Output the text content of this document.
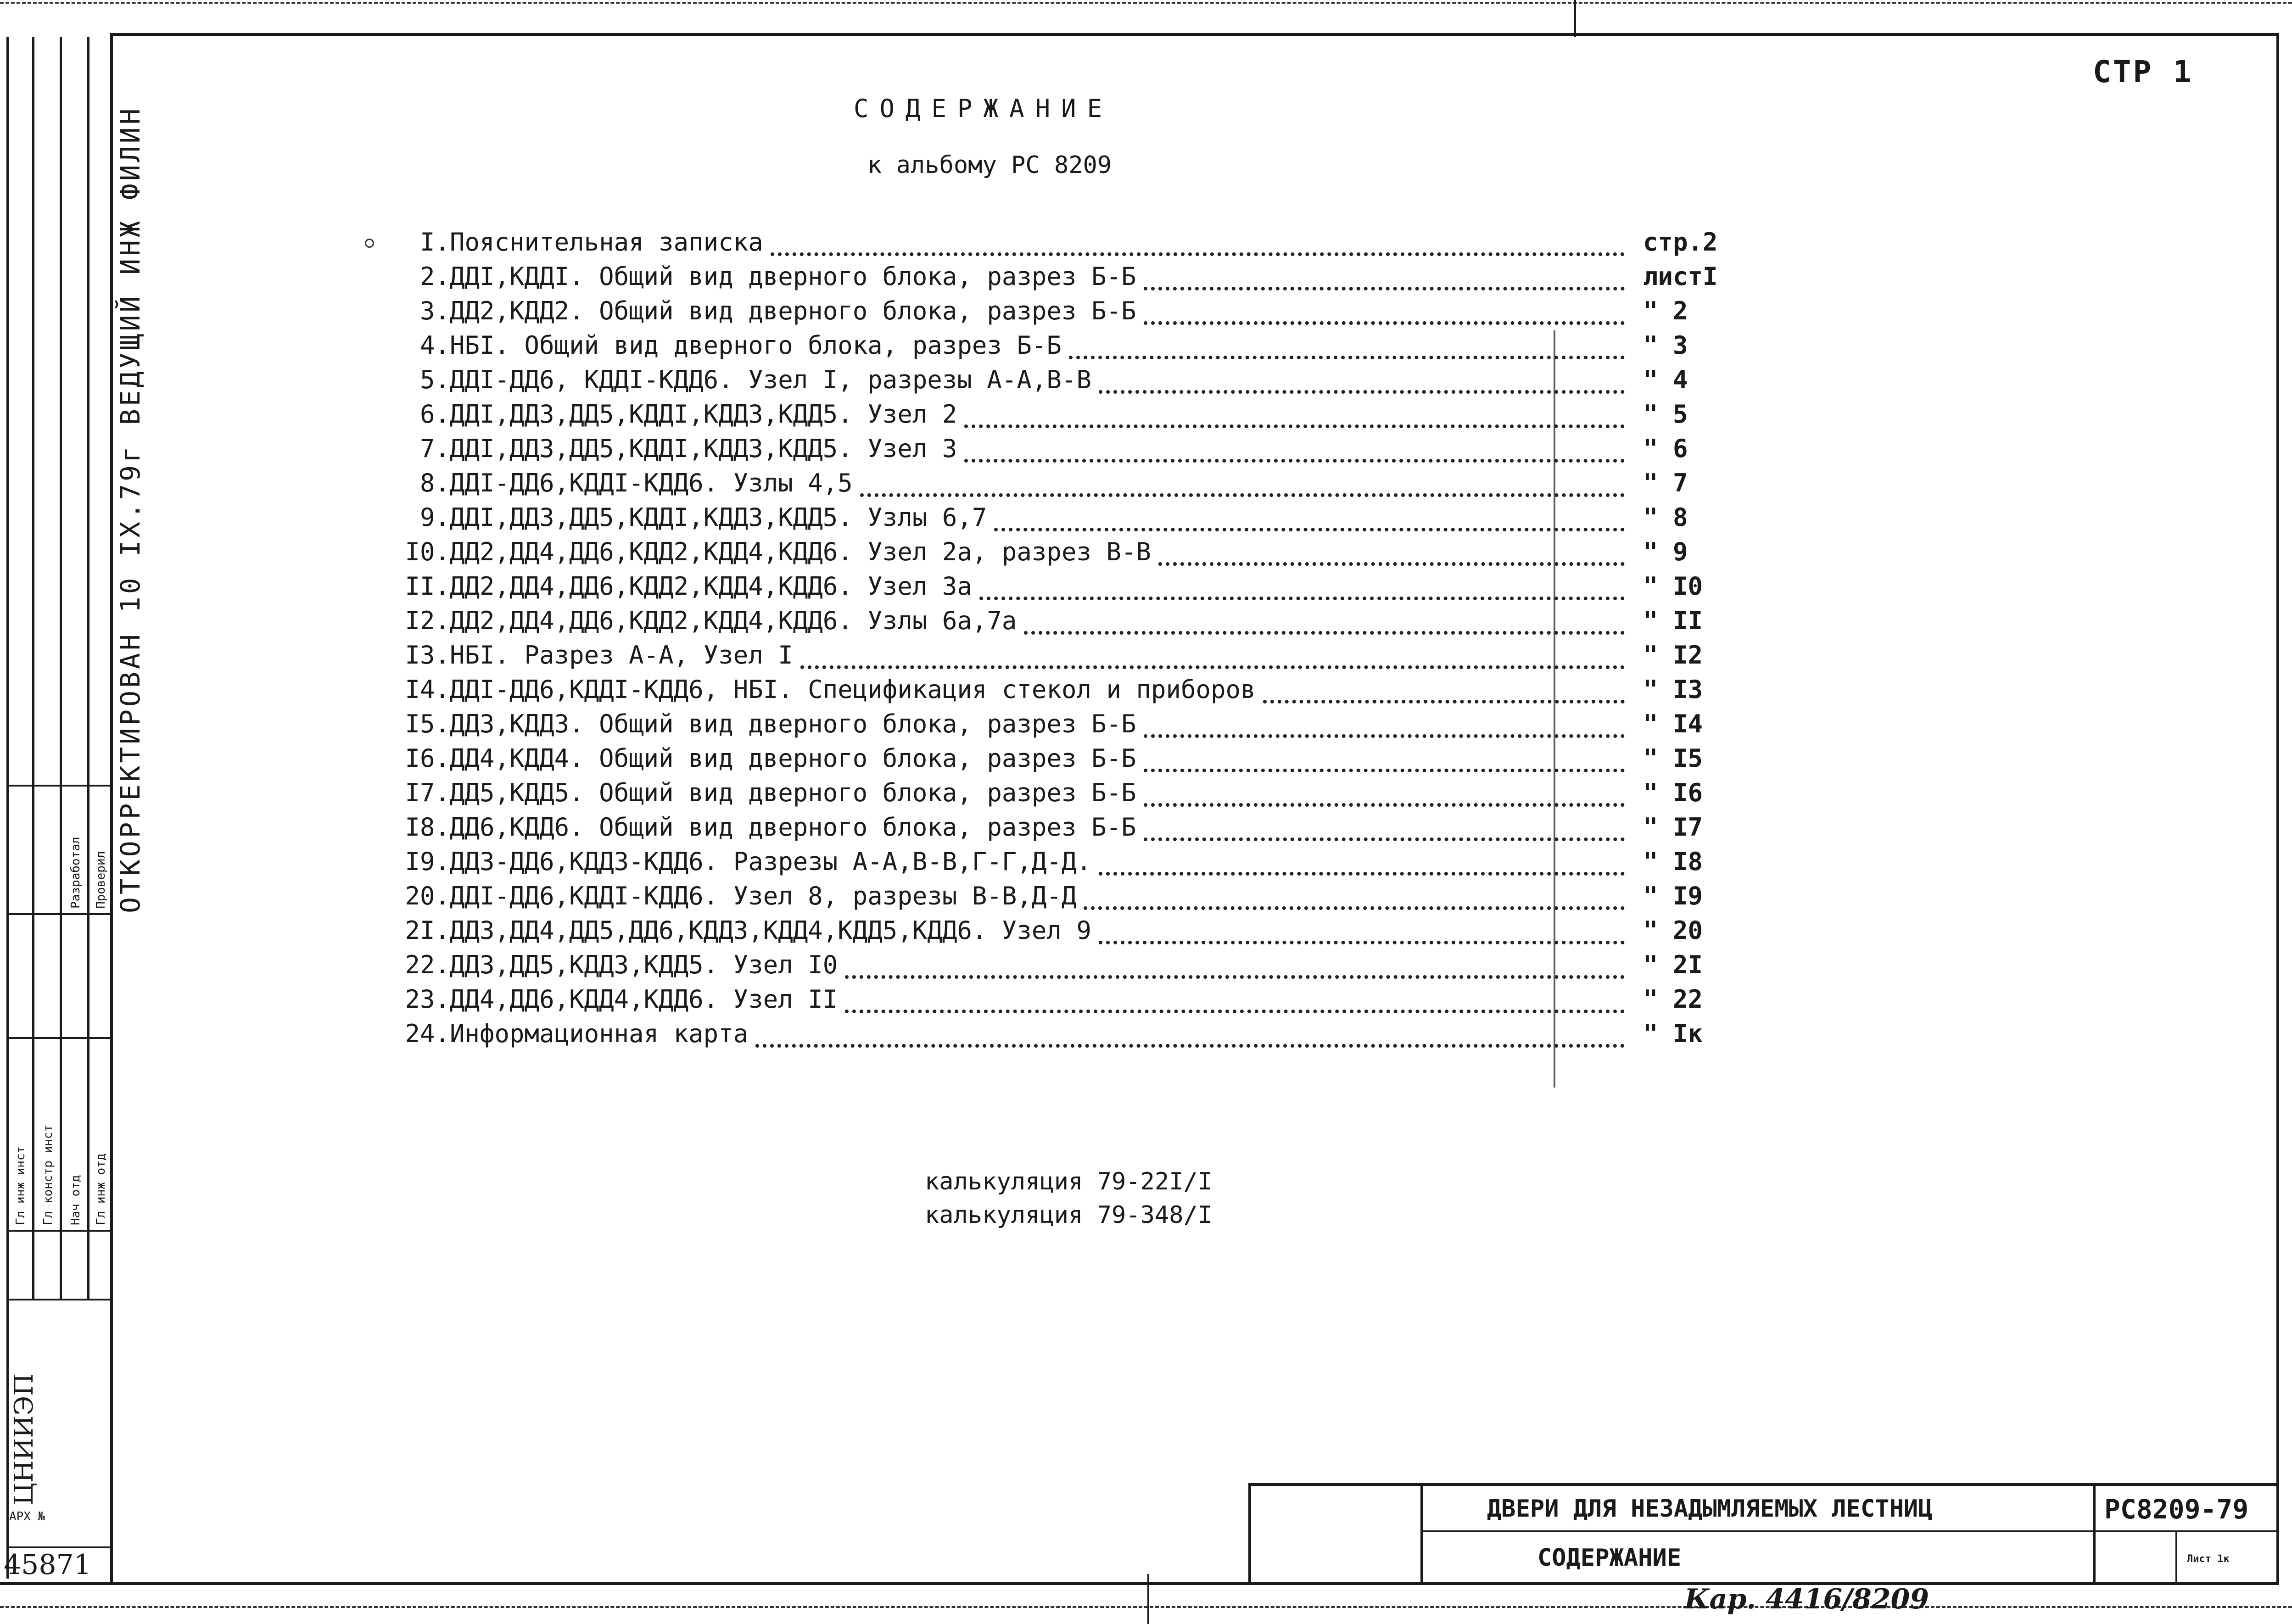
Разработал Проверил
Гл инж инст Гл констр инст Нач отд Гл инж отд
ОТКОРРЕКТИРОВАН 10 IX.79г ВЕДУЩИЙ ИНЖ ФИЛИН
ЦНИИЭП
АРХ №
45871
СТР 1
СОДЕРЖАНИЕ
к альбому РС 8209
I. Пояснительная записка	стр.2
2. ДДI,КДДI. Общий вид дверного блока, разрез Б-Б	листI
3. ДД2,КДД2. Общий вид дверного блока, разрез Б-Б	" 2
4. НБI. Общий вид дверного блока, разрез Б-Б	" 3
5. ДДI-ДД6, КДДI-КДД6. Узел I, разрезы А-А,В-В	" 4
6. ДДI,ДД3,ДД5,КДДI,КДД3,КДД5. Узел 2	" 5
7. ДДI,ДД3,ДД5,КДДI,КДД3,КДД5. Узел 3	" 6
8. ДДI-ДД6,КДДI-КДД6. Узлы 4,5	" 7
9. ДДI,ДД3,ДД5,КДДI,КДД3,КДД5. Узлы 6,7	" 8
I0. ДД2,ДД4,ДД6,КДД2,КДД4,КДД6. Узел 2а, разрез В-В	" 9
II. ДД2,ДД4,ДД6,КДД2,КДД4,КДД6. Узел 3а	" I0
I2. ДД2,ДД4,ДД6,КДД2,КДД4,КДД6. Узлы 6а,7а	" II
I3. НБI. Разрез А-А, Узел I	" I2
I4. ДДI-ДД6,КДДI-КДД6, НБI. Спецификация стекол и приборов	" I3
I5. ДД3,КДД3. Общий вид дверного блока, разрез Б-Б	" I4
I6. ДД4,КДД4. Общий вид дверного блока, разрез Б-Б	" I5
I7. ДД5,КДД5. Общий вид дверного блока, разрез Б-Б	" I6
I8. ДД6,КДД6. Общий вид дверного блока, разрез Б-Б	" I7
I9. ДД3-ДД6,КДД3-КДД6. Разрезы А-А,В-В,Г-Г,Д-Д.	" I8
20. ДДI-ДД6,КДДI-КДД6. Узел 8, разрезы В-В,Д-Д	" I9
2I. ДД3,ДД4,ДД5,ДД6,КДД3,КДД4,КДД5,КДД6. Узел 9	" 20
22. ДД3,ДД5,КДД3,КДД5. Узел I0	" 2I
23. ДД4,ДД6,КДД4,КДД6. Узел II	" 22
24. Информационная карта	" Iк
калькуляция 79-22I/I
калькуляция 79-348/I
ДВЕРИ ДЛЯ НЕЗАДЫМЛЯЕМЫХ ЛЕСТНИЦ
СОДЕРЖАНИЕ
РС8209-79
Лист 1к
Кар. 4416/8209
